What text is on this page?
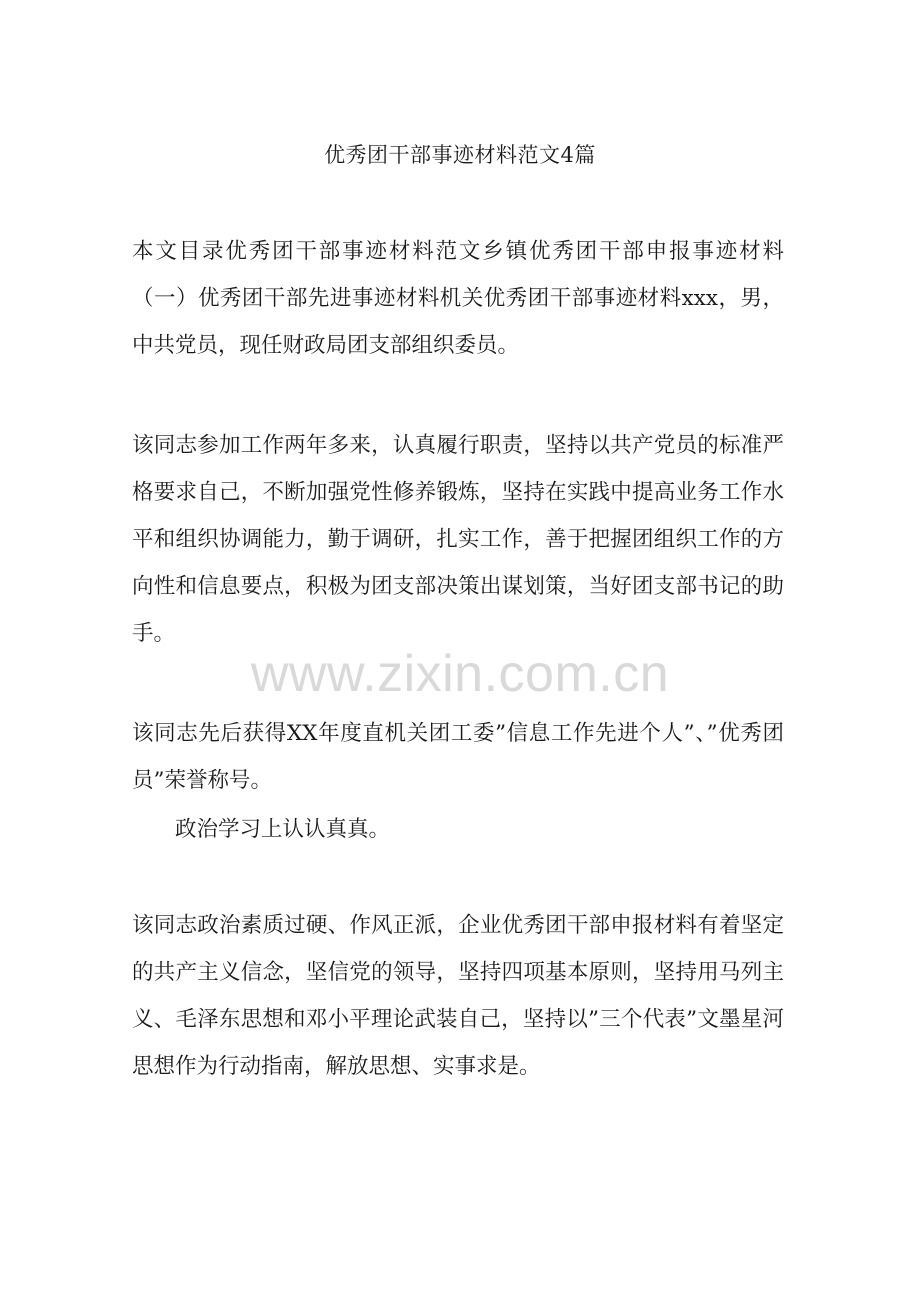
优秀团干部事迹材料范文4篇

本文目录优秀团干部事迹材料范文乡镇优秀团干部申报事迹材料（一）优秀团干部先进事迹材料机关优秀团干部事迹材料xxx，男，中共党员，现任财政局团支部组织委员。

该同志参加工作两年多来，认真履行职责，坚持以共产党员的标准严格要求自己，不断加强党性修养锻炼，坚持在实践中提高业务工作水平和组织协调能力，勤于调研，扎实工作，善于把握团组织工作的方向性和信息要点，积极为团支部决策出谋划策，当好团支部书记的助手。

www.zixin.com.cn

该同志先后获得XX年度直机关团工委”信息工作先进个人”、”优秀团员”荣誉称号。

政治学习上认认真真。

该同志政治素质过硬、作风正派，企业优秀团干部申报材料有着坚定的共产主义信念，坚信党的领导，坚持四项基本原则，坚持用马列主义、毛泽东思想和邓小平理论武装自己，坚持以”三个代表”文墨星河思想作为行动指南，解放思想、实事求是。
